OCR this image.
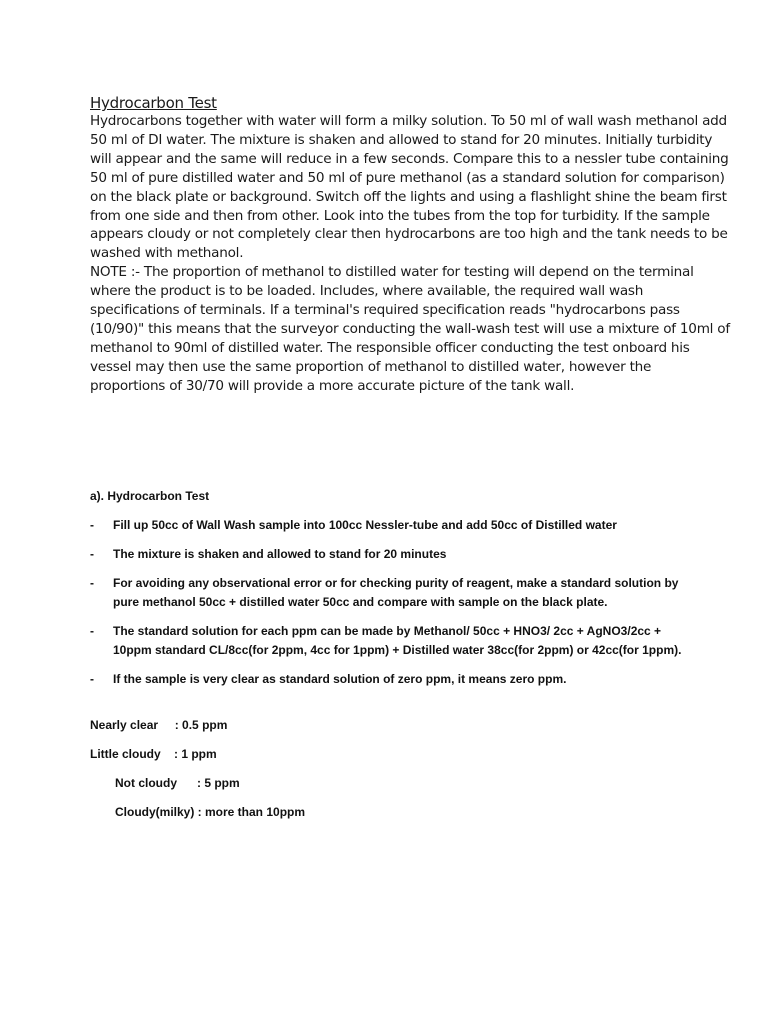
Hydrocarbon Test

Hydrocarbons together with water will form a milky solution. To 50 ml of wall wash methanol add 50 ml of DI water. The mixture is shaken and allowed to stand for 20 minutes. Initially turbidity will appear and the same will reduce in a few seconds. Compare this to a nessler tube containing 50 ml of pure distilled water and 50 ml of pure methanol (as a standard solution for comparison) on the black plate or background. Switch off the lights and using a flashlight shine the beam first from one side and then from other. Look into the tubes from the top for turbidity. If the sample appears cloudy or not completely clear then hydrocarbons are too high and the tank needs to be washed with methanol.

NOTE :- The proportion of methanol to distilled water for testing will depend on the terminal where the product is to be loaded. Includes, where available, the required wall wash specifications of terminals. If a terminal's required specification reads "hydrocarbons pass (10/90)" this means that the surveyor conducting the wall-wash test will use a mixture of 10ml of methanol to 90ml of distilled water. The responsible officer conducting the test onboard his vessel may then use the same proportion of methanol to distilled water, however the proportions of 30/70 will provide a more accurate picture of the tank wall.

a). Hydrocarbon Test

- Fill up 50cc of Wall Wash sample into 100cc Nessler-tube and add 50cc of Distilled water
- The mixture is shaken and allowed to stand for 20 minutes
- For avoiding any observational error or for checking purity of reagent, make a standard solution by pure methanol 50cc + distilled water 50cc and compare with sample on the black plate.
- The standard solution for each ppm can be made by Methanol/ 50cc + HNO3/ 2cc + AgNO3/2cc + 10ppm standard CL/8cc(for 2ppm, 4cc for 1ppm) + Distilled water 38cc(for 2ppm) or 42cc(for 1ppm).
- If the sample is very clear as standard solution of zero ppm, it means zero ppm.
Nearly clear     : 0.5 ppm
Little cloudy    : 1 ppm
Not cloudy      : 5 ppm
Cloudy(milky) : more than 10ppm
